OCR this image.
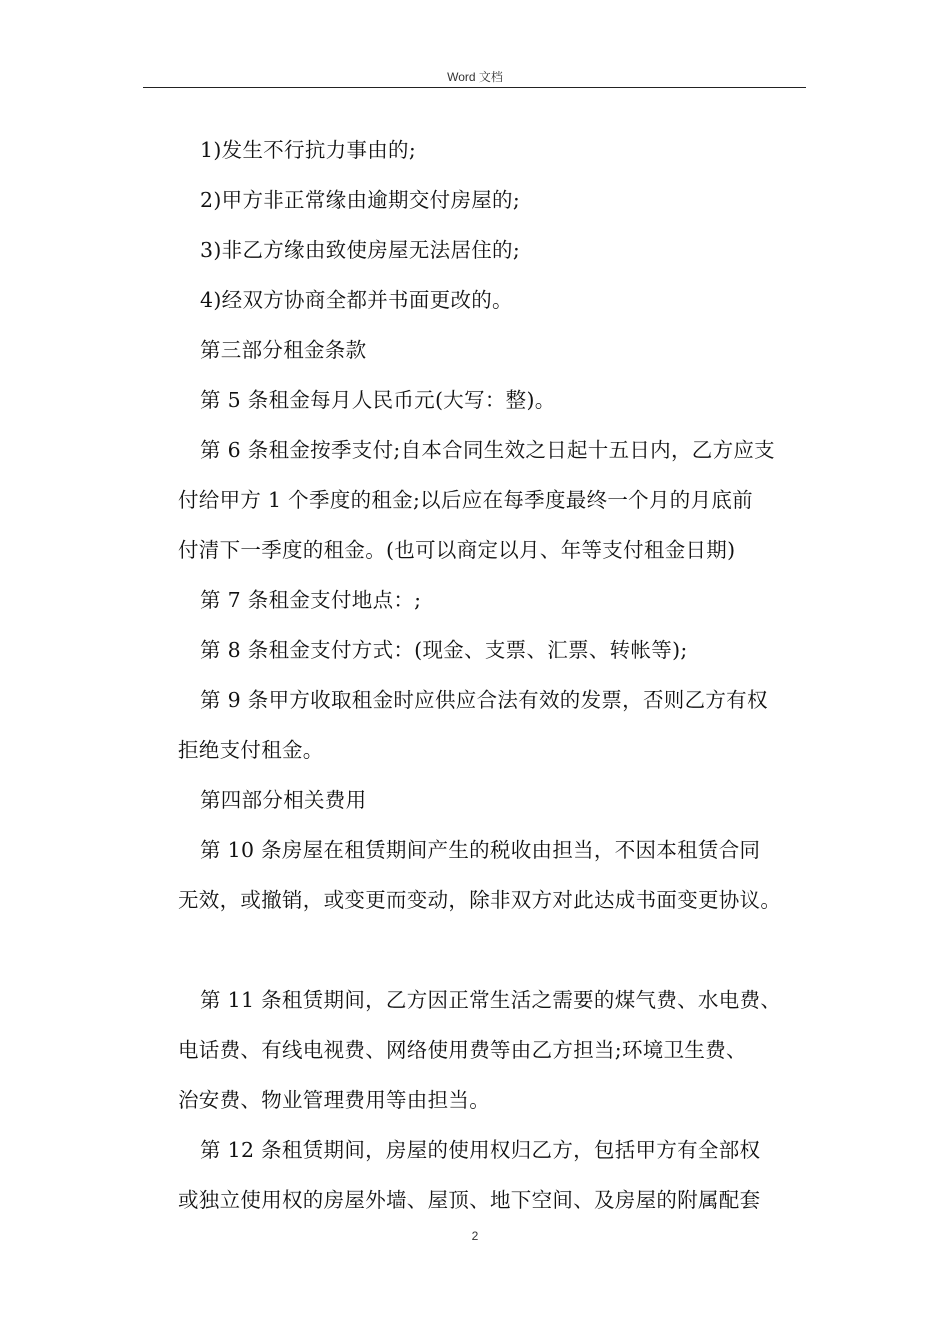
Word 文档
1)发生不行抗力事由的;
2)甲方非正常缘由逾期交付房屋的;
3)非乙方缘由致使房屋无法居住的;
4)经双方协商全都并书面更改的。
第三部分租金条款
第 5 条租金每月人民币元(大写：整)。
第 6 条租金按季支付;自本合同生效之日起十五日内，乙方应支
付给甲方 1 个季度的租金;以后应在每季度最终一个月的月底前
付清下一季度的租金。(也可以商定以月、年等支付租金日期)
第 7 条租金支付地点：;
第 8 条租金支付方式：(现金、支票、汇票、转帐等);
第 9 条甲方收取租金时应供应合法有效的发票，否则乙方有权
拒绝支付租金。
第四部分相关费用
第 10 条房屋在租赁期间产生的税收由担当，不因本租赁合同
无效，或撤销，或变更而变动，除非双方对此达成书面变更协议。
第 11 条租赁期间，乙方因正常生活之需要的煤气费、水电费、
电话费、有线电视费、网络使用费等由乙方担当;环境卫生费、
治安费、物业管理费用等由担当。
第 12 条租赁期间，房屋的使用权归乙方，包括甲方有全部权
或独立使用权的房屋外墙、屋顶、地下空间、及房屋的附属配套
2
